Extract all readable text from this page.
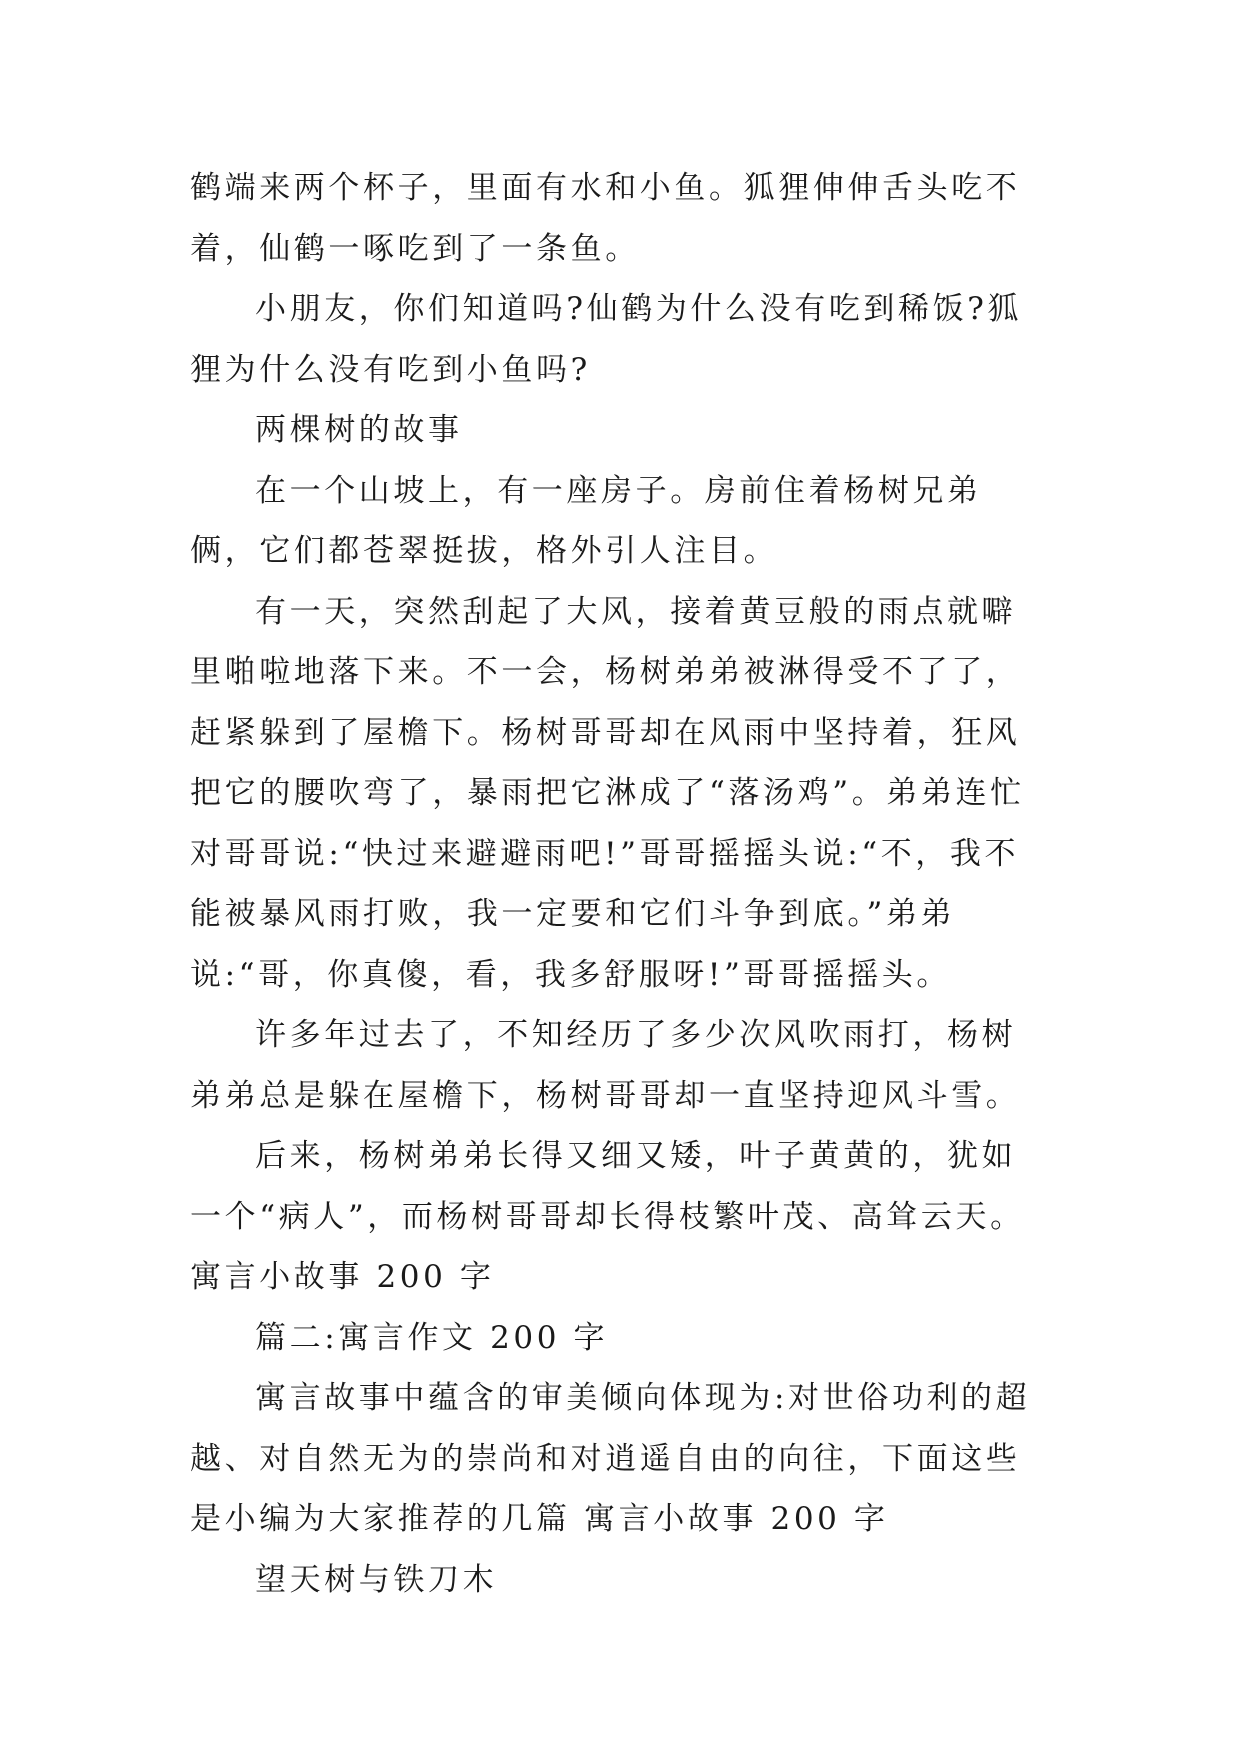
鹤端来两个杯子，里面有水和小鱼。狐狸伸伸舌头吃不着，仙鹤一啄吃到了一条鱼。

小朋友，你们知道吗?仙鹤为什么没有吃到稀饭?狐狸为什么没有吃到小鱼吗?

两棵树的故事

在一个山坡上，有一座房子。房前住着杨树兄弟俩，它们都苍翠挺拔，格外引人注目。

有一天，突然刮起了大风，接着黄豆般的雨点就噼里啪啦地落下来。不一会，杨树弟弟被淋得受不了了，赶紧躲到了屋檐下。杨树哥哥却在风雨中坚持着，狂风把它的腰吹弯了，暴雨把它淋成了“落汤鸡”。弟弟连忙对哥哥说:“快过来避避雨吧!”哥哥摇摇头说:“不，我不能被暴风雨打败，我一定要和它们斗争到底。”弟弟说:“哥，你真傻，看，我多舒服呀!”哥哥摇摇头。

许多年过去了，不知经历了多少次风吹雨打，杨树弟弟总是躲在屋檐下，杨树哥哥却一直坚持迎风斗雪。

后来，杨树弟弟长得又细又矮，叶子黄黄的，犹如一个“病人”，而杨树哥哥却长得枝繁叶茂、高耸云天。 寓言小故事 200 字

篇二:寓言作文 200 字

寓言故事中蕴含的审美倾向体现为:对世俗功利的超越、对自然无为的崇尚和对逍遥自由的向往，下面这些是小编为大家推荐的几篇 寓言小故事 200 字

望天树与铁刀木
